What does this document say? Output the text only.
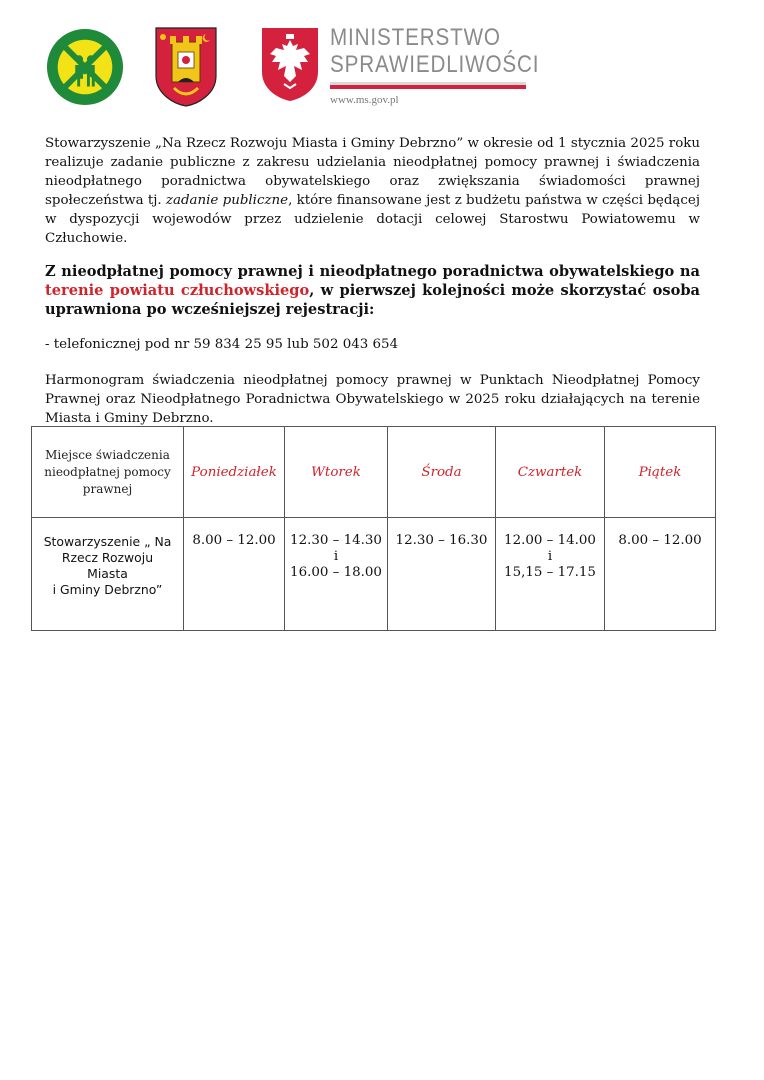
MINISTERSTWO
SPRAWIEDLIWOŚCI
www.ms.gov.pl

Stowarzyszenie „Na Rzecz Rozwoju Miasta i Gminy Debrzno” w okresie od 1 stycznia 2025 roku realizuje zadanie publiczne z zakresu udzielania nieodpłatnej pomocy prawnej i świadczenia nieodpłatnego poradnictwa obywatelskiego oraz zwiększania świadomości prawnej społeczeństwa tj. zadanie publiczne, które finansowane jest z budżetu państwa w części będącej w dyspozycji wojewodów przez udzielenie dotacji celowej Starostwu Powiatowemu w Człuchowie.

Z nieodpłatnej pomocy prawnej i nieodpłatnego poradnictwa obywatelskiego na terenie powiatu człuchowskiego, w pierwszej kolejności może skorzystać osoba uprawniona po wcześniejszej rejestracji:

- telefonicznej pod nr 59 834 25 95 lub 502 043 654

Harmonogram świadczenia nieodpłatnej pomocy prawnej w Punktach Nieodpłatnej Pomocy Prawnej oraz Nieodpłatnego Poradnictwa Obywatelskiego w 2025 roku działających na terenie Miasta i Gminy Debrzno.

Miejsce świadczenia nieodpłatnej pomocy prawnej	Poniedziałek	Wtorek	Środa	Czwartek	Piątek

Stowarzyszenie „ Na
Rzecz Rozwoju
Miasta
i Gminy Debrzno”	8.00 – 12.00	12.30 – 14.30
i
16.00 – 18.00	12.30 – 16.30	12.00 – 14.00
i
15,15 – 17.15	8.00 – 12.00
